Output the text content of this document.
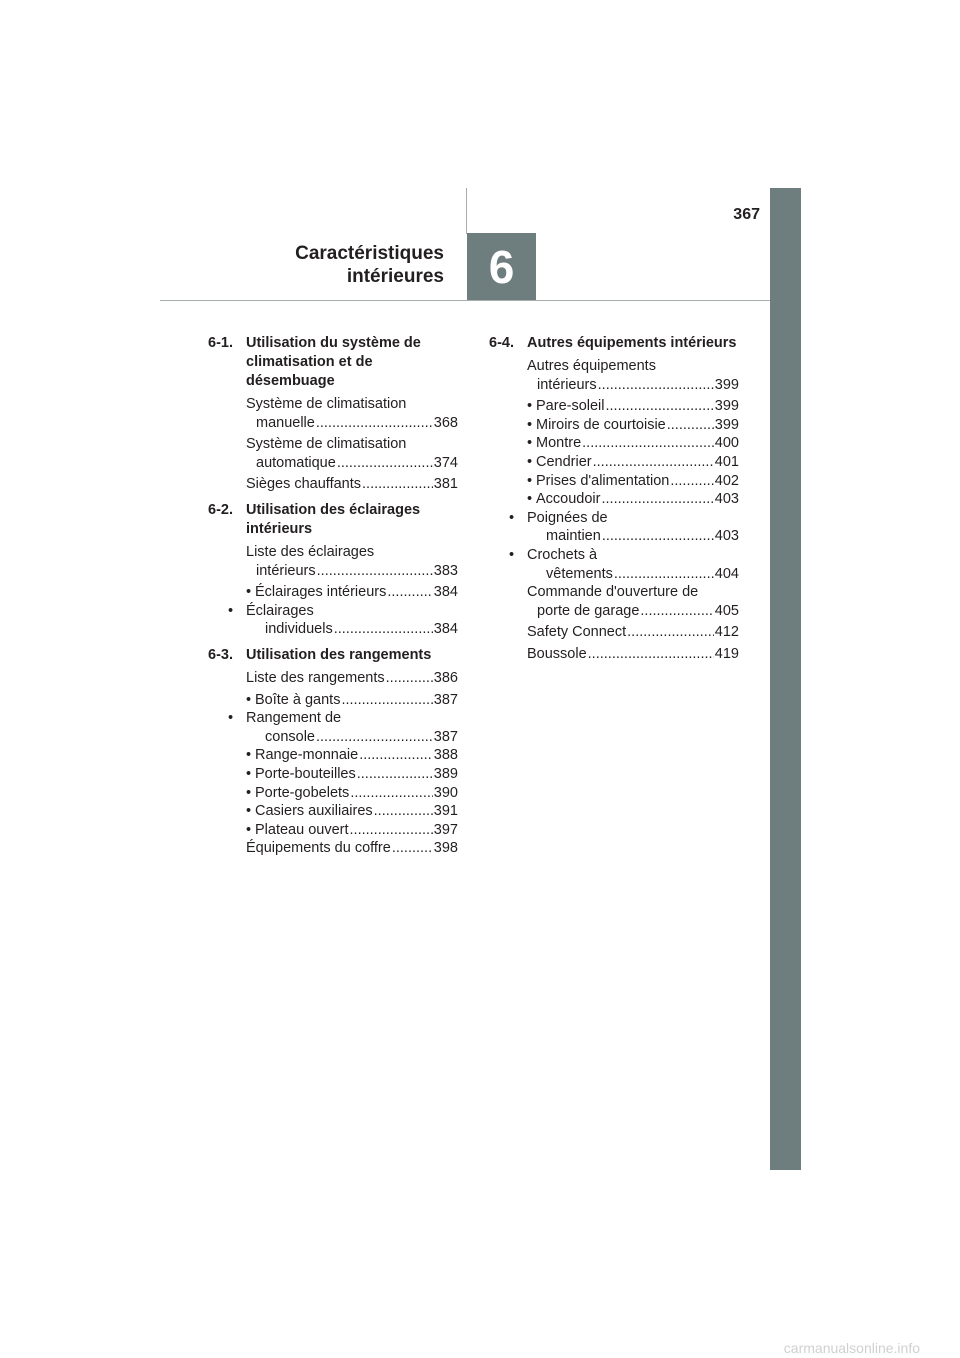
367
Caractéristiques
intérieures 6
6-1. Utilisation du système de climatisation et de désembuage
Système de climatisation
manuelle .....	368
Système de climatisation
automatique .....	374
Sièges chauffants .....	381
6-2. Utilisation des éclairages intérieurs
Liste des éclairages
intérieurs .....	383
• Éclairages intérieurs .....	384
• Éclairages
individuels .....	384
6-3. Utilisation des rangements
Liste des rangements .....	386
• Boîte à gants .....	387
• Rangement de
console .....	387
• Range-monnaie .....	388
• Porte-bouteilles .....	389
• Porte-gobelets .....	390
• Casiers auxiliaires .....	391
• Plateau ouvert .....	397
Équipements du coffre .....	398
6-4. Autres équipements intérieurs
Autres équipements
intérieurs .....	399
• Pare-soleil .....	399
• Miroirs de courtoisie .....	399
• Montre .....	400
• Cendrier .....	401
• Prises d'alimentation .....	402
• Accoudoir .....	403
• Poignées de
maintien .....	403
• Crochets à
vêtements .....	404
Commande d'ouverture de
porte de garage .....	405
Safety Connect .....	412
Boussole .....	419
carmanualsonline.info
